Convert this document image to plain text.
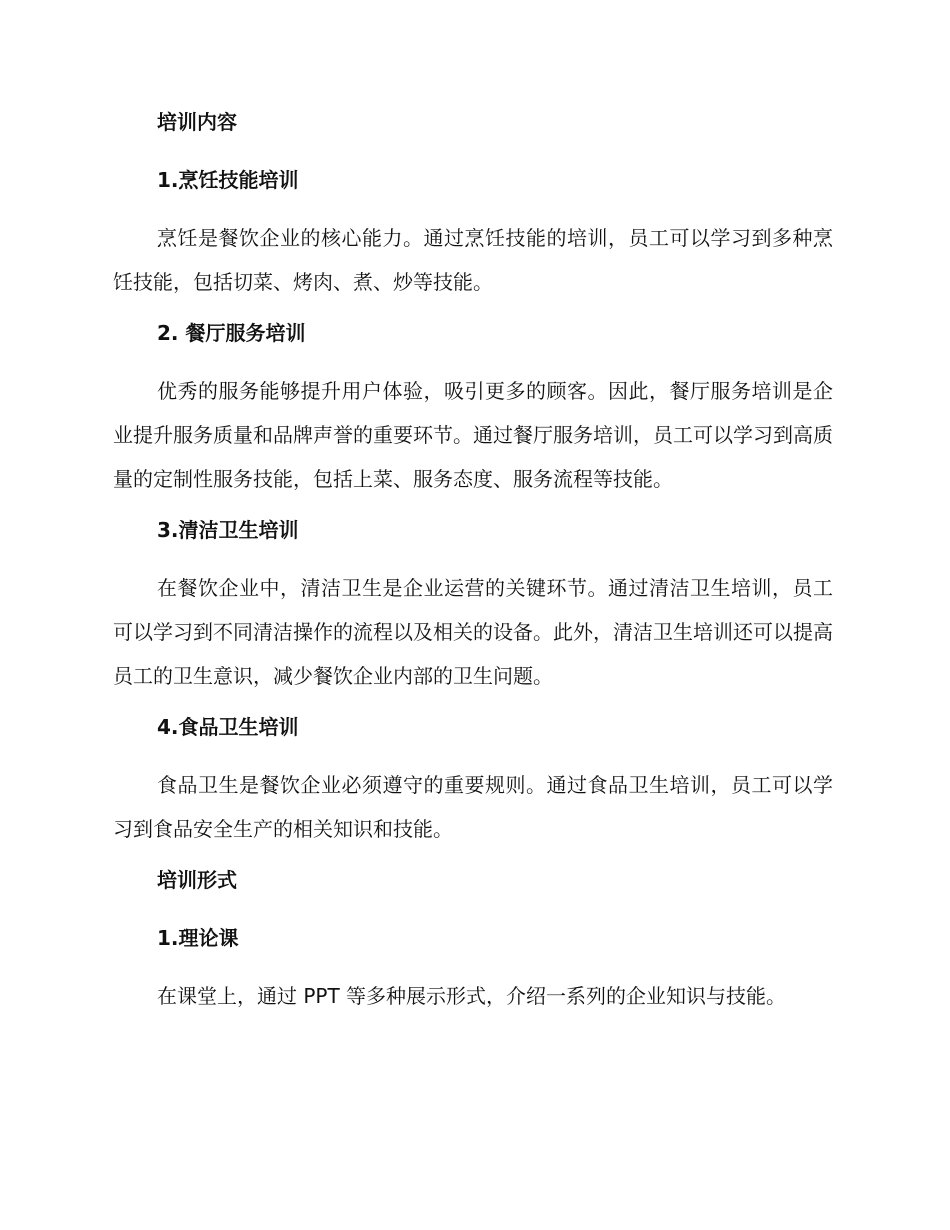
培训内容
1.烹饪技能培训

烹饪是餐饮企业的核心能力。通过烹饪技能的培训，员工可以学习到多种烹饪技能，包括切菜、烤肉、煮、炒等技能。

2. 餐厅服务培训

优秀的服务能够提升用户体验，吸引更多的顾客。因此，餐厅服务培训是企业提升服务质量和品牌声誉的重要环节。通过餐厅服务培训，员工可以学习到高质量的定制性服务技能，包括上菜、服务态度、服务流程等技能。

3.清洁卫生培训

在餐饮企业中，清洁卫生是企业运营的关键环节。通过清洁卫生培训，员工可以学习到不同清洁操作的流程以及相关的设备。此外，清洁卫生培训还可以提高员工的卫生意识，减少餐饮企业内部的卫生问题。

4.食品卫生培训

食品卫生是餐饮企业必须遵守的重要规则。通过食品卫生培训，员工可以学习到食品安全生产的相关知识和技能。

培训形式
1.理论课

在课堂上，通过 PPT 等多种展示形式，介绍一系列的企业知识与技能。
